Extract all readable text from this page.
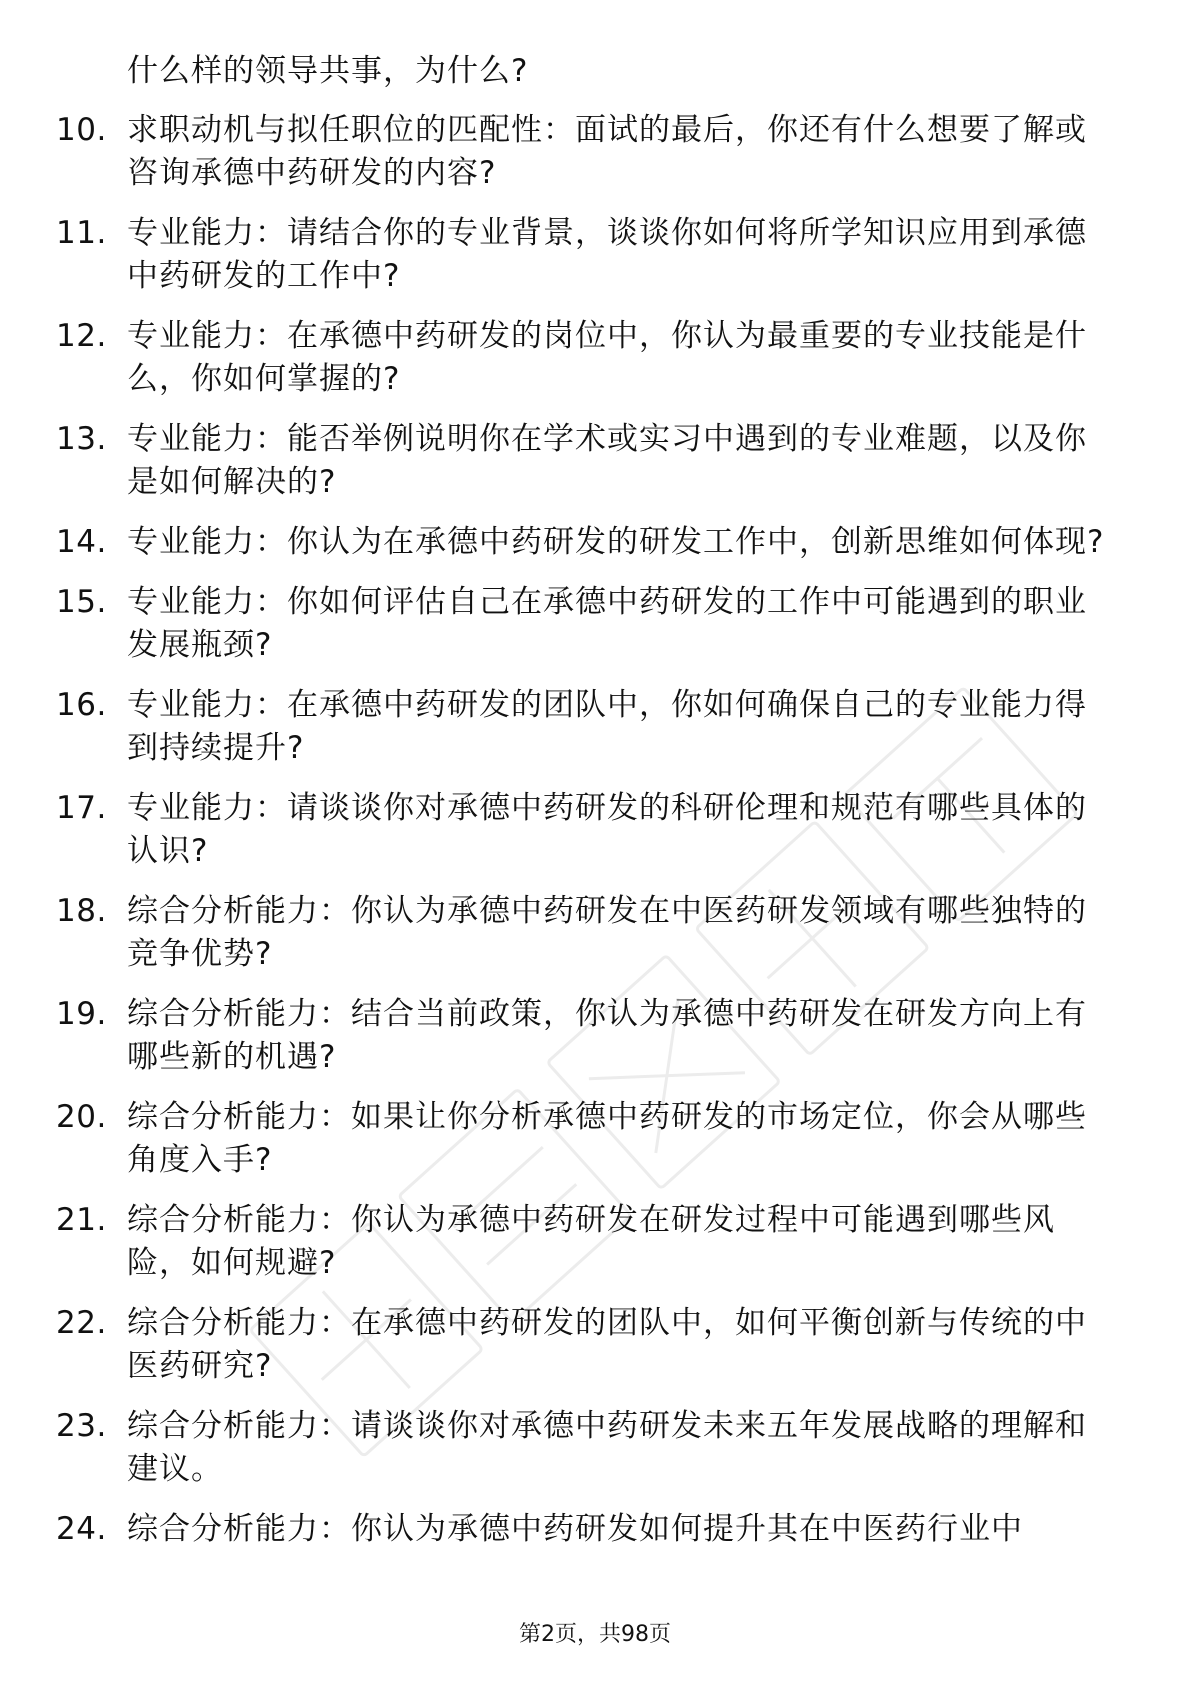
什么样的领导共事，为什么?
10. 求职动机与拟任职位的匹配性：面试的最后，你还有什么想要了解或咨询承德中药研发的内容?
11. 专业能力：请结合你的专业背景，谈谈你如何将所学知识应用到承德中药研发的工作中?
12. 专业能力：在承德中药研发的岗位中，你认为最重要的专业技能是什么，你如何掌握的?
13. 专业能力：能否举例说明你在学术或实习中遇到的专业难题，以及你是如何解决的?
14. 专业能力：你认为在承德中药研发的研发工作中，创新思维如何体现?
15. 专业能力：你如何评估自己在承德中药研发的工作中可能遇到的职业发展瓶颈?
16. 专业能力：在承德中药研发的团队中，你如何确保自己的专业能力得到持续提升?
17. 专业能力：请谈谈你对承德中药研发的科研伦理和规范有哪些具体的认识?
18. 综合分析能力：你认为承德中药研发在中医药研发领域有哪些独特的竞争优势?
19. 综合分析能力：结合当前政策，你认为承德中药研发在研发方向上有哪些新的机遇?
20. 综合分析能力：如果让你分析承德中药研发的市场定位，你会从哪些角度入手?
21. 综合分析能力：你认为承德中药研发在研发过程中可能遇到哪些风险，如何规避?
22. 综合分析能力：在承德中药研发的团队中，如何平衡创新与传统的中医药研究?
23. 综合分析能力：请谈谈你对承德中药研发未来五年发展战略的理解和建议。
24. 综合分析能力：你认为承德中药研发如何提升其在中医药行业中
第2页，共98页
